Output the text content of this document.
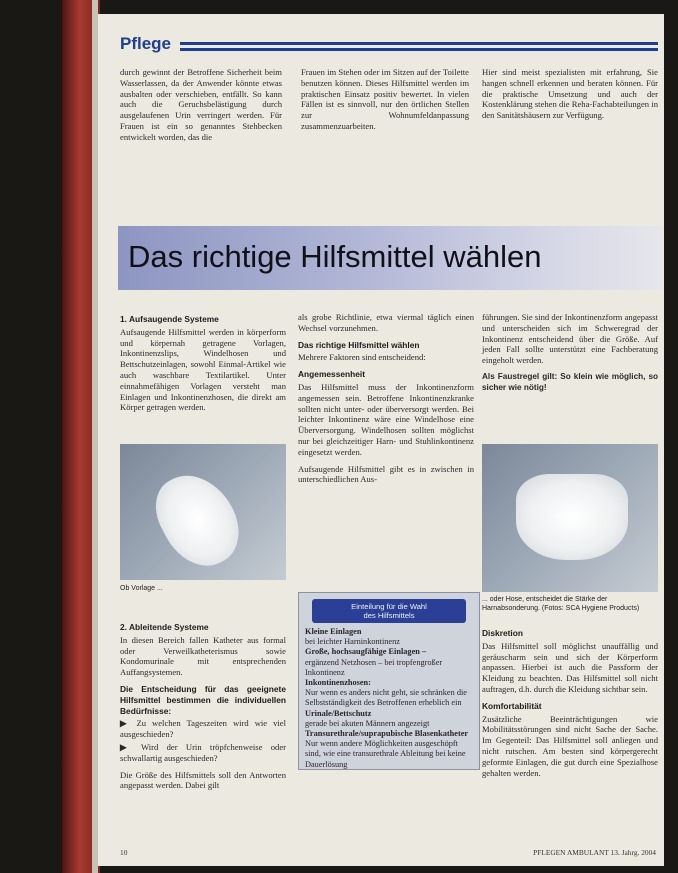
Pflege
durch gewinnt der Betroffene Sicherheit beim Wasserlassen, da der Anwender könnte etwas ausbalten oder verschieben, entfällt. So kann auch die Geruchsbelästigung durch ausgelaufenen Urin verringert werden. Für Frauen ist ein so genanntes Stehbecken entwickelt worden, das die
Frauen im Stehen oder im Sitzen auf der Toilette benutzen können. Dieses Hilfsmittel werden im praktischen Einsatz positiv bewertet. In vielen Fällen ist es sinnvoll, nur den örtlichen Stellen zur Wohnumfeldanpassung zusammenzuarbeiten.
Hier sind meist spezialisten mit erfahrung, Sie hangen schnell erkennen und beraten können. Für die praktische Umsetzung und auch der Kostenklärung stehen die Reha-Fachabteilungen in den Sanitätshäusern zur Verfügung.
Das richtige Hilfsmittel wählen
1. Aufsaugende Systeme

Aufsaugende Hilfsmittel werden in körperform und körpernah getragene Vorlagen, Inkontinenzslips, Windelhosen und Bettschutzeinlagen, sowohl Einmal-Artikel wie auch waschbare Textilartikel. Unter einnahmefähigen Vorlagen versteht man Einlagen und Inkontinenzhosen, die direkt am Körper getragen werden.

Ob Vorlage ...
2. Ableitende Systeme

In diesen Bereich fallen Katheter aus formal oder Verweilkatheterismus sowie Kondomurinale mit entsprechenden Auffangsystemen.

Die Entscheidung für das geeignete Hilfsmittel bestimmen die individuellen Bedürfnisse:

▶ Zu welchen Tageszeiten wird wie viel ausgeschieden?

▶ Wird der Urin tröpfchenweise oder schwallartig ausgeschieden?

Die Größe des Hilfsmittels soll den Antworten angepasst werden. Dabei gilt

als grobe Richtlinie, etwa viermal täglich einen Wechsel vorzunehmen.

Das richtige Hilfsmittel wählen

Mehrere Faktoren sind entscheidend:

Angemessenheit

Das Hilfsmittel muss der Inkontinenzform angemessen sein. Betroffene Inkontinenzkranke sollten nicht unter- oder überversorgt werden. Bei leichter Inkontinenz wäre eine Windelhose eine Überversorgung. Windelhosen sollten möglichst nur bei gleichzeitiger Harn- und Stuhlinkontinenz eingesetzt werden.

Aufsaugende Hilfsmittel gibt es in zwischen in unterschiedlichen Aus-

Einteilung für die Wahl
des Hilfsmittels
Kleine Einlagen
bei leichter Harninkontinenz
Große, hochsaugfähige Einlagen –
ergänzend Netzhosen – bei tropfengroßer Inkontinenz
Inkontinenzhosen:
Nur wenn es anders nicht geht, sie schränken die Selbstständigkeit des Betroffenen erheblich ein
Urinale/Bettschutz
gerade bei akuten Männern angezeigt
Transurethrale/suprapubische Blasenkatheter
Nur wenn andere Möglichkeiten ausgeschöpft sind, wie eine transurethrale Ableitung bei keine Dauerlösung

führungen. Sie sind der Inkontinenzform angepasst und unterscheiden sich im Schweregrad der Inkontinenz entscheidend über die Größe. Auf jeden Fall sollte unterstützt eine Fachberatung eingeholt werden.

Als Faustregel gilt: So klein wie möglich, so sicher wie nötig!

... oder Hose, entscheidet die Stärke der Harnabsonderung. (Fotos: SCA Hygiene Products)
Diskretion

Das Hilfsmittel soll möglichst unauffällig und geräuscharm sein und sich der Körperform anpassen. Hierbei ist auch die Passform der Kleidung zu beachten. Das Hilfsmittel soll nicht auftragen, d.h. durch die Kleidung sichtbar sein.

Komfortabilität

Zusätzliche Beeinträchtigungen wie Mobilitätsstörungen sind nicht Sache der Sache. Im Gegenteil: Das Hilfsmittel soll anliegen und nicht rutschen. Am besten sind körpergerecht geformte Einlagen, die gut durch eine Spezialhose gehalten werden.

10	PFLEGEN AMBULANT 13. Jahrg. 2004
